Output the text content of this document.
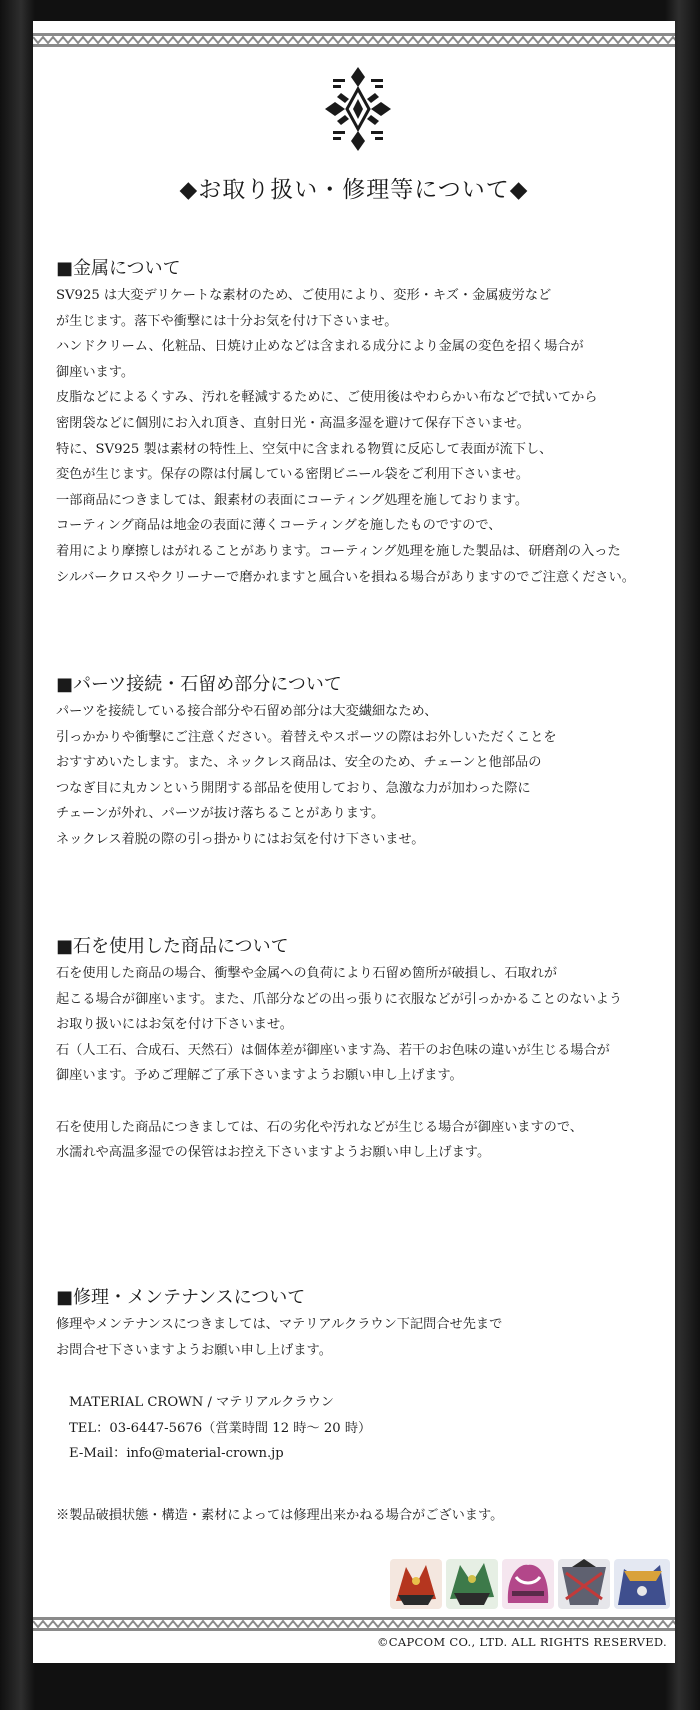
◆お取り扱い・修理等について◆
■金属について
SV925 は大変デリケートな素材のため、ご使用により、変形・キズ・金属疲労など
が生じます。落下や衝撃には十分お気を付け下さいませ。
ハンドクリーム、化粧品、日焼け止めなどは含まれる成分により金属の変色を招く場合が
御座います。
皮脂などによるくすみ、汚れを軽減するために、ご使用後はやわらかい布などで拭いてから
密閉袋などに個別にお入れ頂き、直射日光・高温多湿を避けて保存下さいませ。
特に、SV925 製は素材の特性上、空気中に含まれる物質に反応して表面が流下し、
変色が生じます。保存の際は付属している密閉ビニール袋をご利用下さいませ。
一部商品につきましては、銀素材の表面にコーティング処理を施しております。
コーティング商品は地金の表面に薄くコーティングを施したものですので、
着用により摩擦しはがれることがあります。コーティング処理を施した製品は、研磨剤の入った
シルバークロスやクリーナーで磨かれますと風合いを損ねる場合がありますのでご注意ください。
■パーツ接続・石留め部分について
パーツを接続している接合部分や石留め部分は大変繊細なため、
引っかかりや衝撃にご注意ください。着替えやスポーツの際はお外しいただくことを
おすすめいたします。また、ネックレス商品は、安全のため、チェーンと他部品の
つなぎ目に丸カンという開閉する部品を使用しており、急激な力が加わった際に
チェーンが外れ、パーツが抜け落ちることがあります。
ネックレス着脱の際の引っ掛かりにはお気を付け下さいませ。
■石を使用した商品について
石を使用した商品の場合、衝撃や金属への負荷により石留め箇所が破損し、石取れが
起こる場合が御座います。また、爪部分などの出っ張りに衣服などが引っかかることのないよう
お取り扱いにはお気を付け下さいませ。
石（人工石、合成石、天然石）は個体差が御座います為、若干のお色味の違いが生じる場合が
御座います。予めご理解ご了承下さいますようお願い申し上げます。
石を使用した商品につきましては、石の劣化や汚れなどが生じる場合が御座いますので、
水濡れや高温多湿での保管はお控え下さいますようお願い申し上げます。
■修理・メンテナンスについて
修理やメンテナンスにつきましては、マテリアルクラウン下記問合せ先まで
お問合せ下さいますようお願い申し上げます。
MATERIAL CROWN / マテリアルクラウン
TEL：03-6447-5676（営業時間 12 時〜 20 時）
E-Mail：info@material-crown.jp
※製品破損状態・構造・素材によっては修理出来かねる場合がございます。
©CAPCOM CO., LTD. ALL RIGHTS RESERVED.
